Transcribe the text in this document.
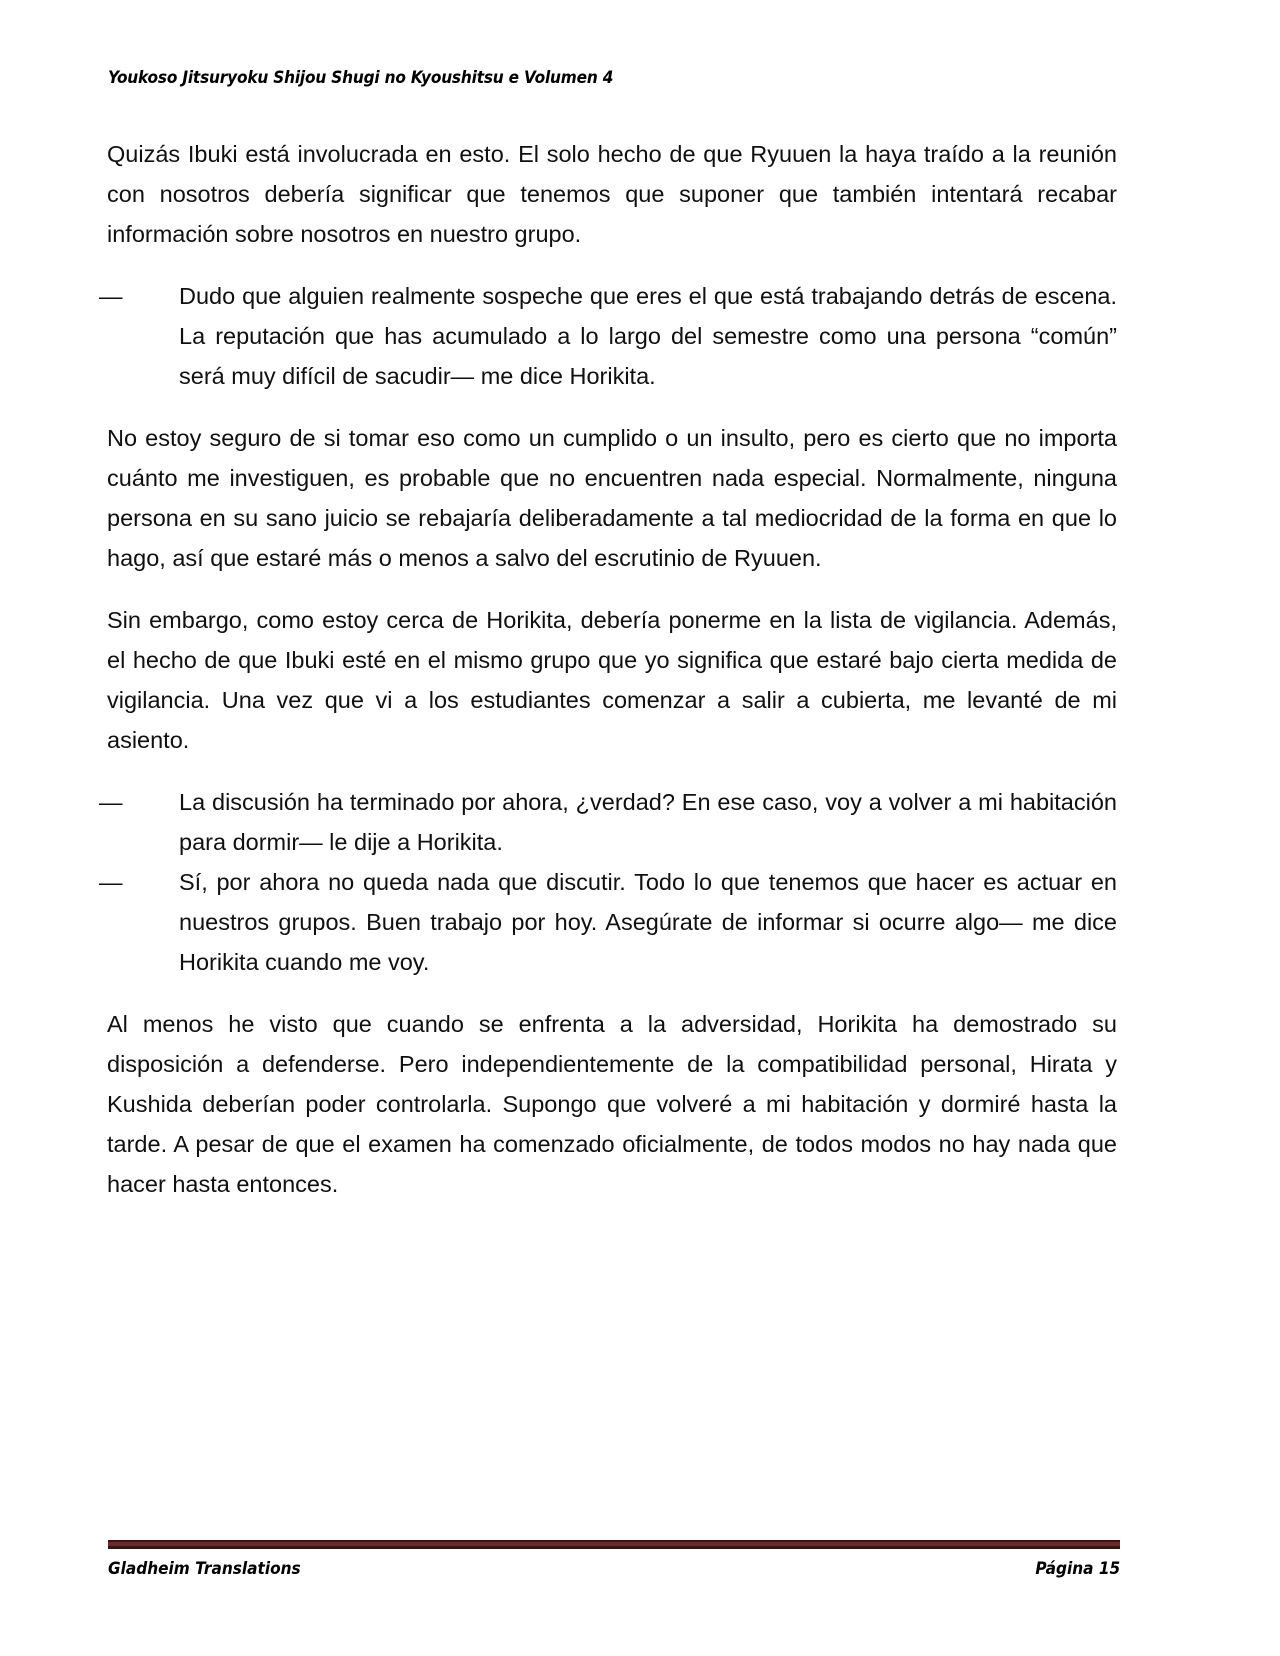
Youkoso Jitsuryoku Shijou Shugi no Kyoushitsu e Volumen 4

Quizás Ibuki está involucrada en esto. El solo hecho de que Ryuuen la haya traído a la reunión con nosotros debería significar que tenemos que suponer que también intentará recabar información sobre nosotros en nuestro grupo.

— Dudo que alguien realmente sospeche que eres el que está trabajando detrás de escena. La reputación que has acumulado a lo largo del semestre como una persona “común” será muy difícil de sacudir— me dice Horikita.

No estoy seguro de si tomar eso como un cumplido o un insulto, pero es cierto que no importa cuánto me investiguen, es probable que no encuentren nada especial. Normalmente, ninguna persona en su sano juicio se rebajaría deliberadamente a tal mediocridad de la forma en que lo hago, así que estaré más o menos a salvo del escrutinio de Ryuuen.

Sin embargo, como estoy cerca de Horikita, debería ponerme en la lista de vigilancia. Además, el hecho de que Ibuki esté en el mismo grupo que yo significa que estaré bajo cierta medida de vigilancia. Una vez que vi a los estudiantes comenzar a salir a cubierta, me levanté de mi asiento.

— La discusión ha terminado por ahora, ¿verdad? En ese caso, voy a volver a mi habitación para dormir— le dije a Horikita.

— Sí, por ahora no queda nada que discutir. Todo lo que tenemos que hacer es actuar en nuestros grupos. Buen trabajo por hoy. Asegúrate de informar si ocurre algo— me dice Horikita cuando me voy.

Al menos he visto que cuando se enfrenta a la adversidad, Horikita ha demostrado su disposición a defenderse. Pero independientemente de la compatibilidad personal, Hirata y Kushida deberían poder controlarla. Supongo que volveré a mi habitación y dormiré hasta la tarde. A pesar de que el examen ha comenzado oficialmente, de todos modos no hay nada que hacer hasta entonces.

Gladheim Translations	Página 15
